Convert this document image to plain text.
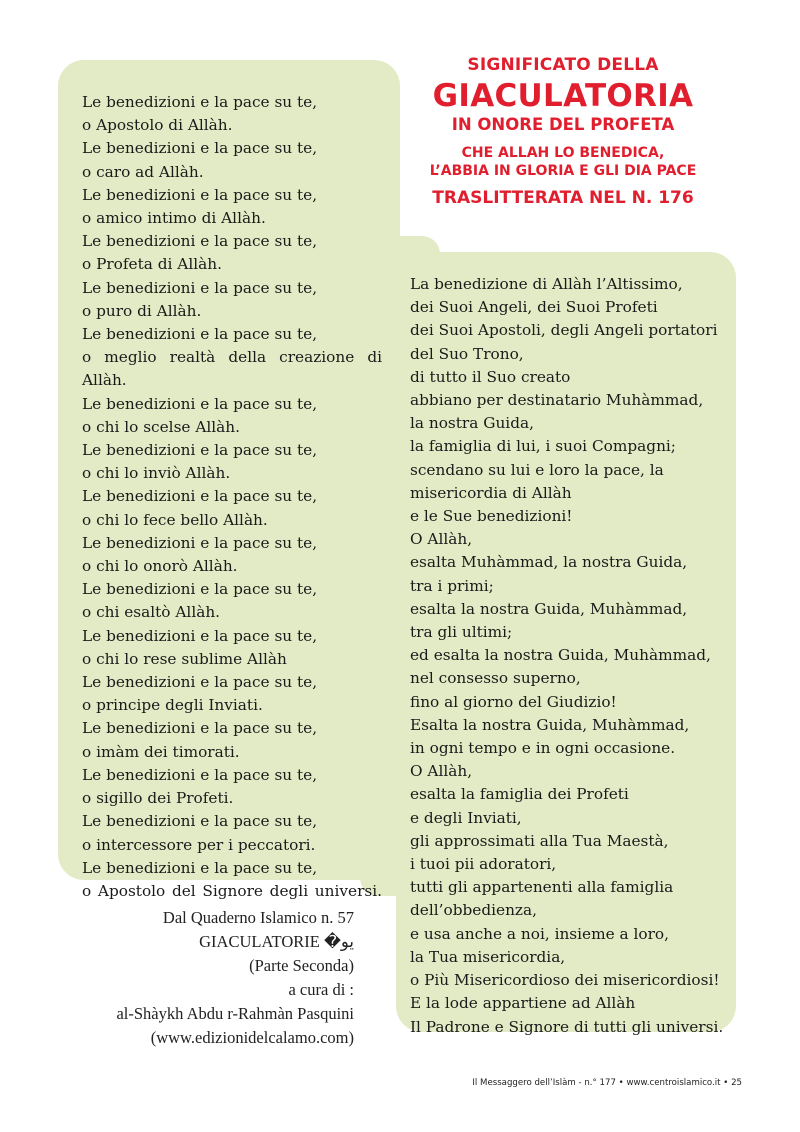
SIGNIFICATO DELLA
GIACULATORIA
IN ONORE DEL PROFETA
CHE ALLAH LO BENEDICA,
L’ABBIA IN GLORIA E GLI DIA PACE
TRASLITTERATA NEL N. 176
Le benedizioni e la pace su te,
o Apostolo di Allàh.
Le benedizioni e la pace su te,
o caro ad Allàh.
Le benedizioni e la pace su te,
o amico intimo di Allàh.
Le benedizioni e la pace su te,
o Profeta di Allàh.
Le benedizioni e la pace su te,
o puro di Allàh.
Le benedizioni e la pace su te,
o meglio realtà della creazione di Allàh.
Le benedizioni e la pace su te,
o chi lo scelse Allàh.
Le benedizioni e la pace su te,
o chi lo inviò Allàh.
Le benedizioni e la pace su te,
o chi lo fece bello Allàh.
Le benedizioni e la pace su te,
o chi lo onorò Allàh.
Le benedizioni e la pace su te,
o chi esaltò Allàh.
Le benedizioni e la pace su te,
o chi lo rese sublime Allàh
Le benedizioni e la pace su te,
o principe degli Inviati.
Le benedizioni e la pace su te,
o imàm dei timorati.
Le benedizioni e la pace su te,
o sigillo dei Profeti.
Le benedizioni e la pace su te,
o intercessore per i peccatori.
Le benedizioni e la pace su te,
o Apostolo del Signore degli universi.
La benedizione di Allàh l’Altissimo,
dei Suoi Angeli, dei Suoi Profeti
dei Suoi Apostoli, degli Angeli portatori
del Suo Trono,
di tutto il Suo creato
abbiano per destinatario Muhàmmad,
la nostra Guida,
la famiglia di lui, i suoi Compagni;
scendano su lui e loro la pace, la
misericordia di Allàh
e le Sue benedizioni!
O Allàh,
esalta Muhàmmad, la nostra Guida,
tra i primi;
esalta la nostra Guida, Muhàmmad,
tra gli ultimi;
ed esalta la nostra Guida, Muhàmmad,
nel consesso superno,
fino al giorno del Giudizio!
Esalta la nostra Guida, Muhàmmad,
in ogni tempo e in ogni occasione.
O Allàh,
esalta la famiglia dei Profeti
e degli Inviati,
gli approssimati alla Tua Maestà,
i tuoi pii adoratori,
tutti gli appartenenti alla famiglia
dell’obbedienza,
e usa anche a noi, insieme a loro,
la Tua misericordia,
o Più Misericordioso dei misericordiosi!
E la lode appartiene ad Allàh
Il Padrone e Signore di tutti gli universi.
Dal Quaderno Islamico n. 57
GIACULATORIE �يو
(Parte Seconda)
a cura di :
al-Shàykh Abdu r-Rahmàn Pasquini
(www.edizionidelcalamo.com)
Il Messaggero dell’Islàm - n.° 177 • www.centroislamico.it • 25
